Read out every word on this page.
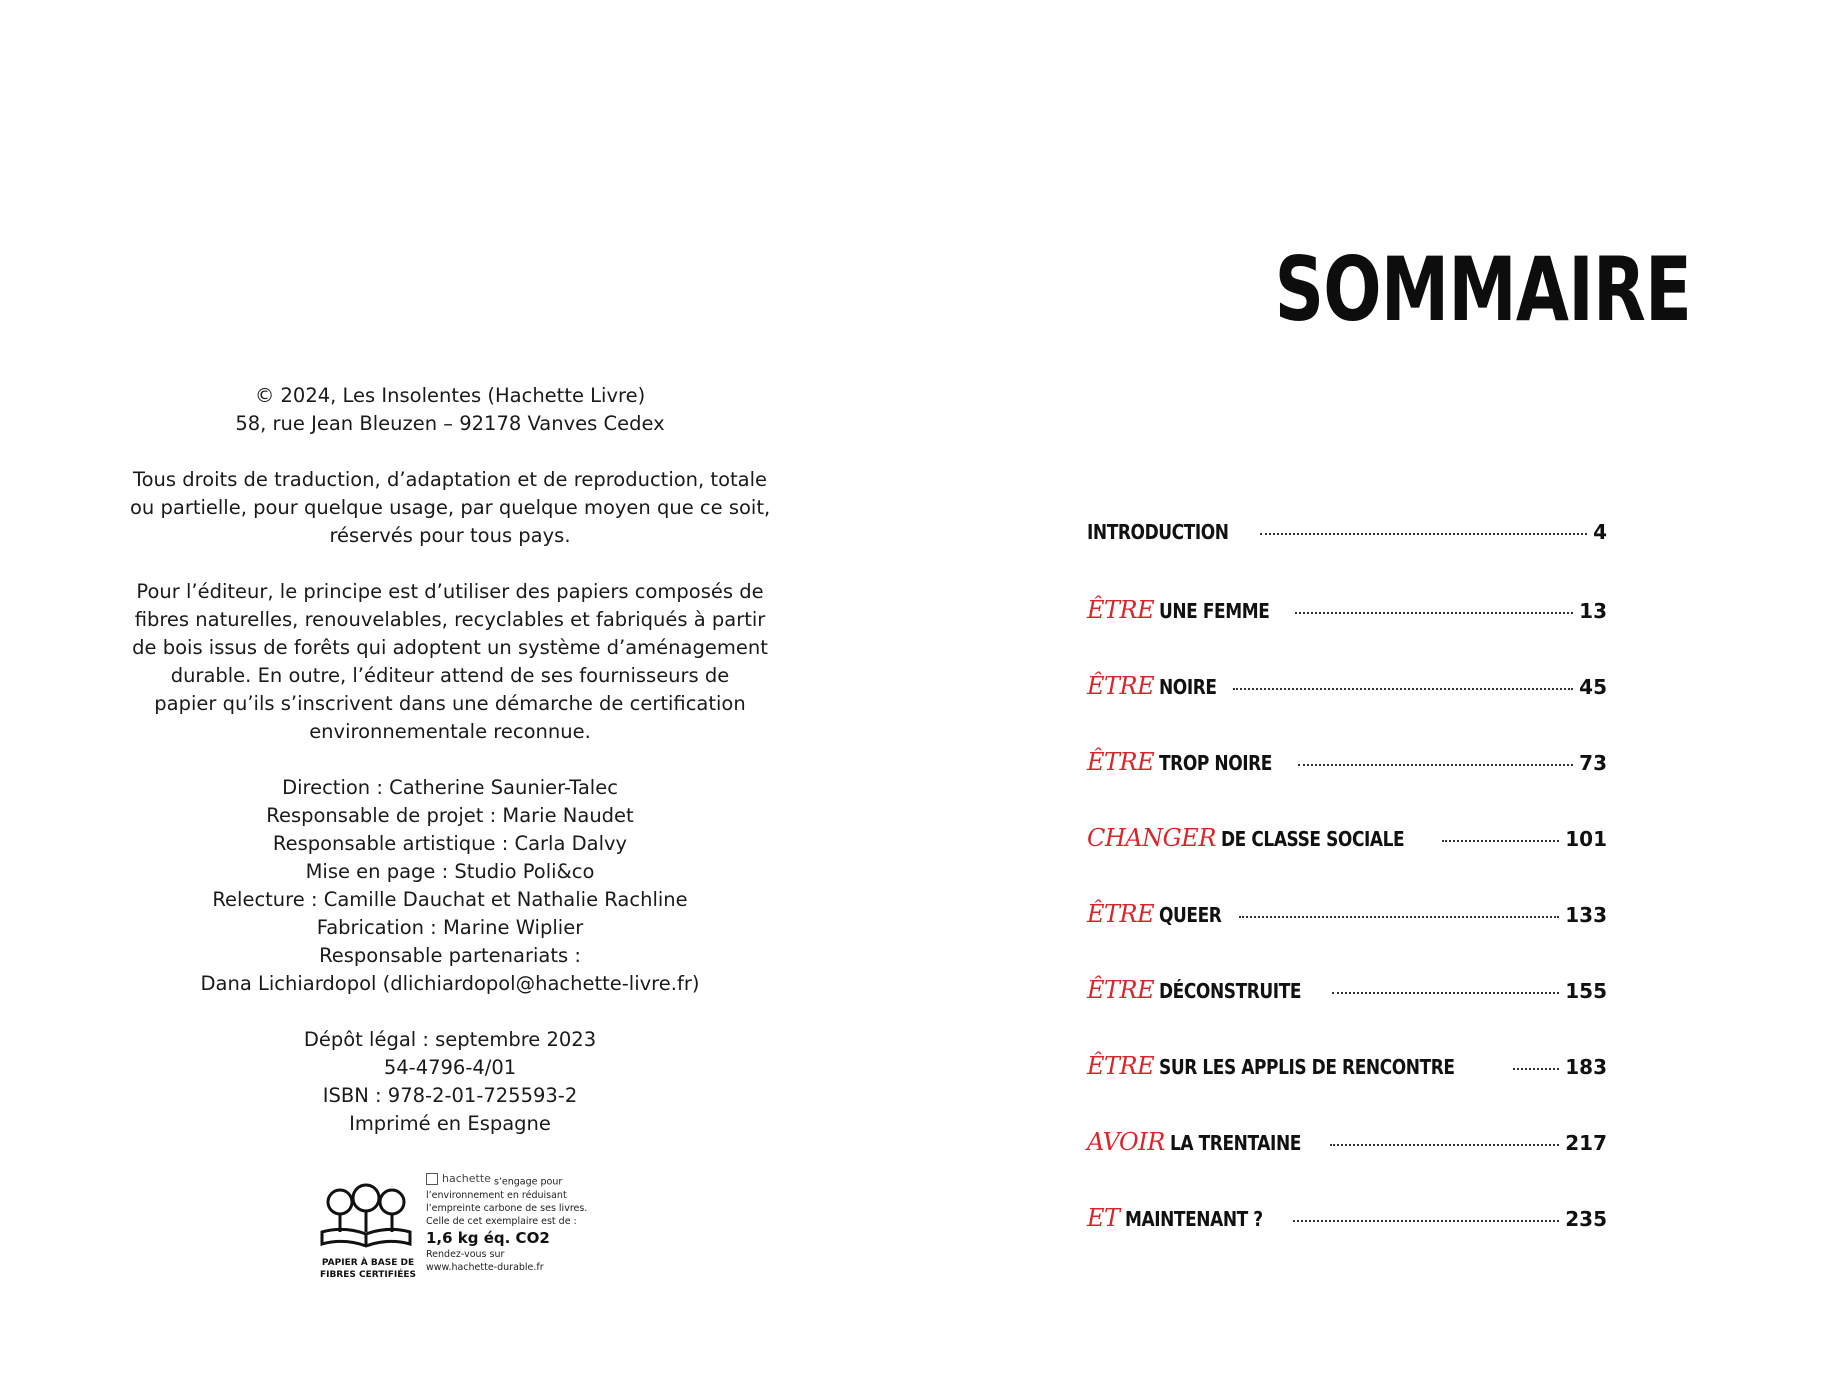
© 2024, Les Insolentes (Hachette Livre)
58, rue Jean Bleuzen – 92178 Vanves Cedex
Tous droits de traduction, d’adaptation et de reproduction, totale
ou partielle, pour quelque usage, par quelque moyen que ce soit,
réservés pour tous pays.
Pour l’éditeur, le principe est d’utiliser des papiers composés de
fibres naturelles, renouvelables, recyclables et fabriqués à partir
de bois issus de forêts qui adoptent un système d’aménagement
durable. En outre, l’éditeur attend de ses fournisseurs de
papier qu’ils s’inscrivent dans une démarche de certification
environnementale reconnue.
Direction : Catherine Saunier-Talec
Responsable de projet : Marie Naudet
Responsable artistique : Carla Dalvy
Mise en page : Studio Poli&co
Relecture : Camille Dauchat et Nathalie Rachline
Fabrication : Marine Wiplier
Responsable partenariats :
Dana Lichiardopol (dlichiardopol@hachette-livre.fr)
Dépôt légal : septembre 2023
54-4796-4/01
ISBN : 978-2-01-725593-2
Imprimé en Espagne
PAPIER À BASE DE
FIBRES CERTIFIÉES
hachette s’engage pour
l’environnement en réduisant
l’empreinte carbone de ses livres.
Celle de cet exemplaire est de :
1,6 kg éq. CO2
Rendez-vous sur
www.hachette-durable.fr
SOMMAIRE
INTRODUCTION	4
ÊTRE UNE FEMME	13
ÊTRE NOIRE	45
ÊTRE TROP NOIRE	73
CHANGER DE CLASSE SOCIALE	101
ÊTRE QUEER	133
ÊTRE DÉCONSTRUITE	155
ÊTRE SUR LES APPLIS DE RENCONTRE	183
AVOIR LA TRENTAINE	217
ET MAINTENANT ?	235
